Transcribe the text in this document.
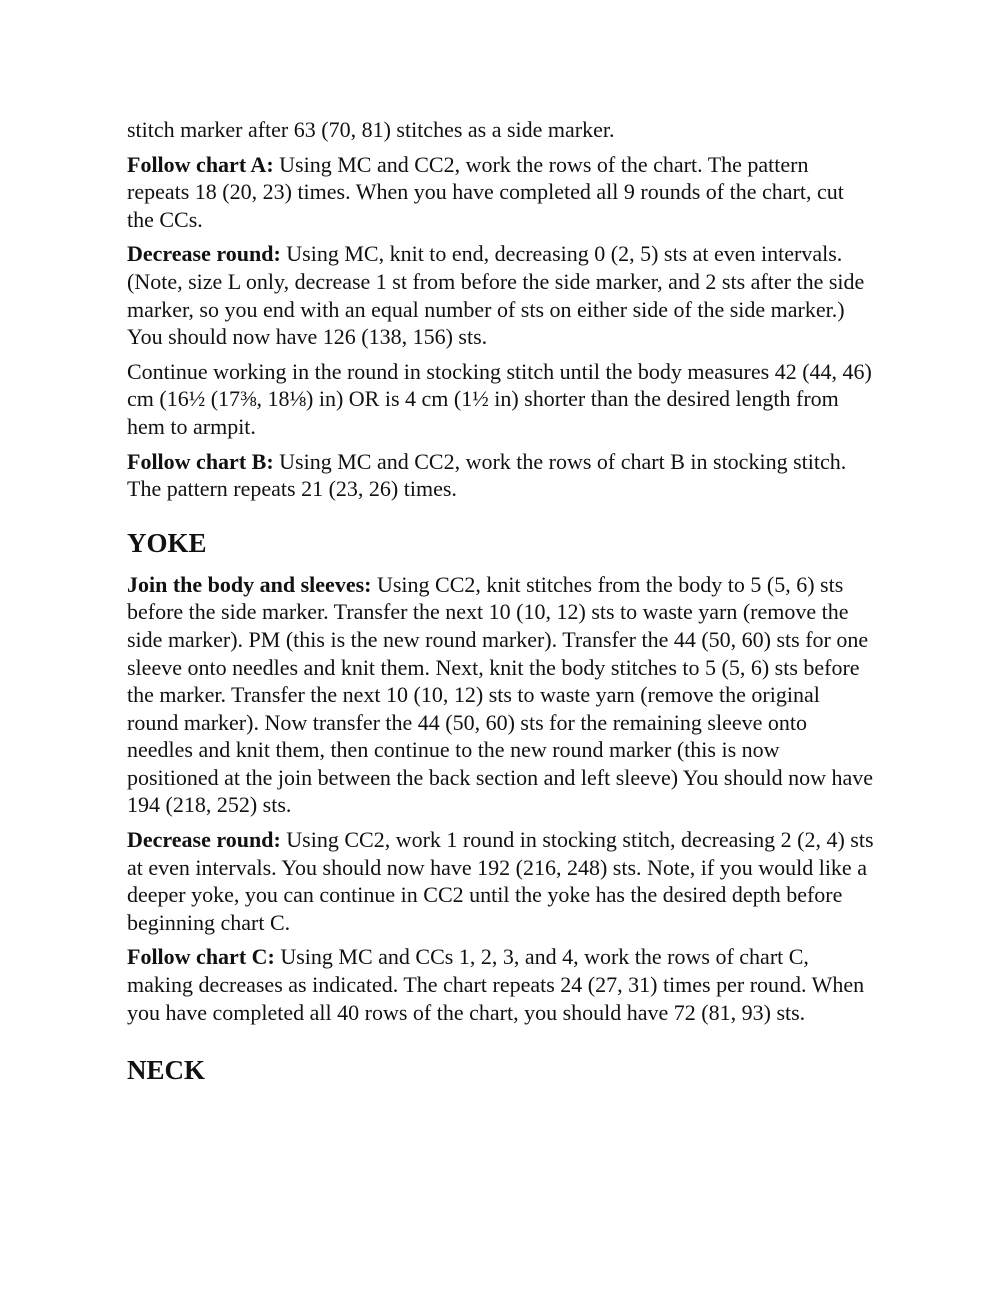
stitch marker after 63 (70, 81) stitches as a side marker.

Follow chart A: Using MC and CC2, work the rows of the chart. The pattern repeats 18 (20, 23) times. When you have completed all 9 rounds of the chart, cut the CCs.

Decrease round: Using MC, knit to end, decreasing 0 (2, 5) sts at even intervals. (Note, size L only, decrease 1 st from before the side marker, and 2 sts after the side marker, so you end with an equal number of sts on either side of the side marker.) You should now have 126 (138, 156) sts.

Continue working in the round in stocking stitch until the body measures 42 (44, 46) cm (16½ (17⅜, 18⅛) in) OR is 4 cm (1½ in) shorter than the desired length from hem to armpit.

Follow chart B: Using MC and CC2, work the rows of chart B in stocking stitch. The pattern repeats 21 (23, 26) times.

YOKE

Join the body and sleeves: Using CC2, knit stitches from the body to 5 (5, 6) sts before the side marker. Transfer the next 10 (10, 12) sts to waste yarn (remove the side marker). PM (this is the new round marker). Transfer the 44 (50, 60) sts for one sleeve onto needles and knit them. Next, knit the body stitches to 5 (5, 6) sts before the marker. Transfer the next 10 (10, 12) sts to waste yarn (remove the original round marker). Now transfer the 44 (50, 60) sts for the remaining sleeve onto needles and knit them, then continue to the new round marker (this is now positioned at the join between the back section and left sleeve) You should now have 194 (218, 252) sts.

Decrease round: Using CC2, work 1 round in stocking stitch, decreasing 2 (2, 4) sts at even intervals. You should now have 192 (216, 248) sts. Note, if you would like a deeper yoke, you can continue in CC2 until the yoke has the desired depth before beginning chart C.

Follow chart C: Using MC and CCs 1, 2, 3, and 4, work the rows of chart C, making decreases as indicated. The chart repeats 24 (27, 31) times per round. When you have completed all 40 rows of the chart, you should have 72 (81, 93) sts.

NECK
